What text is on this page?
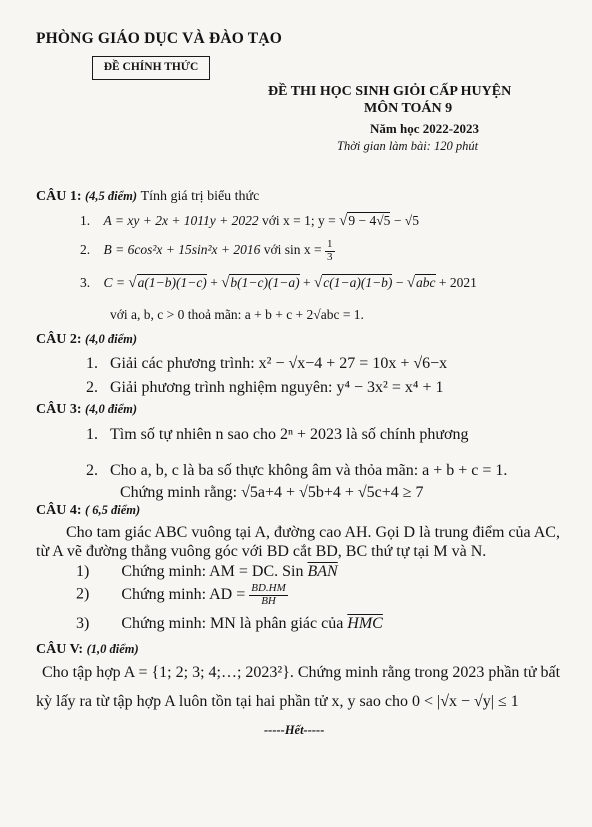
PHÒNG GIÁO DỤC VÀ ĐÀO TẠO
ĐỀ CHÍNH THỨC
ĐỀ THI HỌC SINH GIỎI CẤP HUYỆN
MÔN TOÁN 9
Năm học 2022-2023
Thời gian làm bài: 120 phút
CÂU 1: (4,5 điểm) Tính giá trị biểu thức
1. A = xy + 2x + 1011y + 2022 với x = 1; y = √9 − 4√5 − √5
2. B = 6cos²x + 15sin²x + 2016 với $\sin x = \frac{1}{3}$
3. C = √a(1−b)(1−c) + √b(1−c)(1−a) + √c(1−a)(1−b) − √abc + 2021
với a, b, c > 0 thoả mãn: a + b + c + 2√abc = 1.
CÂU 2: (4,0 điểm)
1. Giải các phương trình: x² − √x−4 + 27 = 10x + √6−x
2. Giải phương trình nghiệm nguyên: y⁴ − 3x² = x⁴ + 1
CÂU 3: (4,0 điểm)
1. Tìm số tự nhiên n sao cho 2ⁿ + 2023 là số chính phương
2. Cho a, b, c là ba số thực không âm và thỏa mãn: a + b + c = 1.
Chứng minh rằng: √5a+4 + √5b+4 + √5c+4 ≥ 7
CÂU 4: ( 6,5 điểm)
Cho tam giác ABC vuông tại A, đường cao AH. Gọi D là trung điểm của AC,
từ A vẽ đường thẳng vuông góc với BD cắt BD, BC thứ tự tại M và N.
1) Chứng minh: AM = DC. Sin $\overline{BAN}$
2) Chứng minh: AD = $\frac{BD.HM}{BH}$
3) Chứng minh: MN là phân giác của $\overline{HMC}$
CÂU V: (1,0 điểm)
Cho tập hợp A = {1; 2; 3; 4;…; 2023²}. Chứng minh rằng trong 2023 phần tử bất
kỳ lấy ra từ tập hợp A luôn tồn tại hai phần tử x, y sao cho 0 < |√x − √y| ≤ 1
-----Hết-----
